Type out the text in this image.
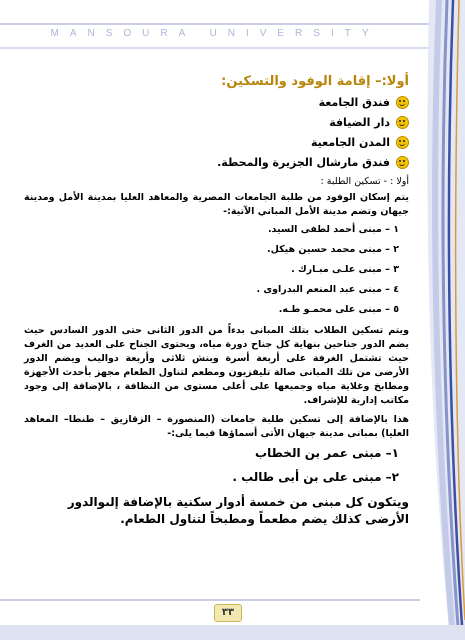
MANSOURA UNIVERSITY
أولا:– إقامة الوفود والتسكين:
فندق الجامعة
دار الضيافة
المدن الجامعية
فندق مارشال الجزيرة والمحطة.
أولا : - تسكين الطلبة :

يتم إسكان الوفود من طلبة الجامعات المصرية والمعاهد العليا بمدينة الأمل ومدينة جيهان وتضم مدينة الأمل المباني الآتية:-

١ – مبنى أحمد لطفى السيد.
٢ – مبنى محمد حسين هيكل.
٣ – مبنى علـى مبـارك .
٤ – مبنى عبد المنعم البدراوى .
٥ – مبنى على محمـو طـه.

ويتم تسكين الطلاب بتلك المبانى بدءاً من الدور الثانى حتى الدور السادس حيث يضم الدور جناحين بنهاية كل جناح دورة مياه، ويحتوى الجناح على العديد من الغرف حيث تشتمل الغرفة على أربعة أسرة وبنش ثلاثى وأربعة دواليب ويضم الدور الأرضى من تلك المبانى صالة تليفزيون ومطعم لتناول الطعام مجهز بأحدث الأجهزة ومطابخ وغلاية مياه وجميعها على أعلى مستوى من النظافة ، بالإضافة إلى وجود مكاتب إدارية للإشراف.

هذا بالإضافة إلى تسكين طلبة جامعات (المنصورة – الزقازيق – طنطا– المعاهد العليا) بمبانى مدينة جيهان الأتى أسماؤها فيما يلى:-

١– مبنى عمر بن الخطاب
٢– مبنى على بن أبى طالب .

ويتكون كل مبنى من خمسة أدوار سكنية بالإضافة إلىوالدور الأرضى كذلك يضم مطعماً ومطبخاً لتناول الطعام.

٣٣
